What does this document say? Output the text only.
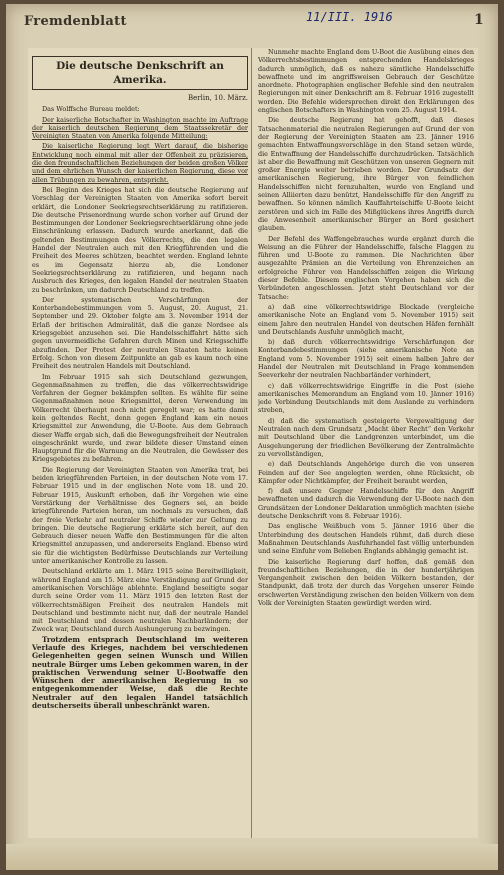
Fremdenblatt	11/III. 1916	1
Die deutsche Denkschrift an Amerika.
Berlin, 10. März.

Das Wolffsche Bureau meldet:

Der kaiserliche Botschafter in Washington machte im Auftrage der kaiserlich deutschen Regierung dem Staatssekretär der Vereinigten Staaten von Amerika folgende Mitteilung:

Die kaiserliche Regierung legt Wert darauf, die bisherige Entwicklung noch einmal mit aller der Offenheit zu präzisieren, die den freundschaftlichen Beziehungen der beiden großen Völker und dem ehrlichen Wunsch der kaiserlichen Regierung, diese vor allen Trübungen zu bewahren, entspricht.

Bei Beginn des Krieges hat sich die deutsche Regierung auf Vorschlag der Vereinigten Staaten von Amerika sofort bereit erklärt, die Londoner Seekriegsrechtserklärung zu ratifizieren. Die deutsche Prisenordnung wurde schon vorher auf Grund der Bestimmungen der Londoner Seekriegsrechtserklärung ohne jede Einschränkung erlassen. Dadurch wurde anerkannt, daß die geltenden Bestimmungen des Völkerrechts, die den legalen Handel der Neutralen auch mit den Kriegführenden und die Freiheit des Meeres schützen, beachtet werden. England lehnte es im Gegensatz hierzu ab, die Londoner Seekriegsrechtserklärung zu ratifizieren, und begann nach Ausbruch des Krieges, den legalen Handel der neutralen Staaten zu beschränken, um dadurch Deutschland zu treffen.

Der systematischen Verschärfungen der Konterbandebestimmungen vom 5. August, 20. August, 21. September und 29. Oktober folgte am 3. November 1914 der Erlaß der britischen Admiralität, daß die ganze Nordsee als Kriegsgebiet anzusehen sei. Die Handelsschiffahrt hätte sich gegen unvermeidliche Gefahren durch Minen und Kriegsschiffe abzufinden. Der Protest der neutralen Staaten hatte keinen Erfolg. Schon von diesem Zeitpunkte an gab es kaum noch eine Freiheit des neutralen Handels mit Deutschland.

Im Februar 1915 sah sich Deutschland gezwungen, Gegenmaßnahmen zu treffen, die das völkerrechtswidrige Verfahren der Gegner bekämpfen sollten. Es wählte für seine Gegenmaßnahmen neue Kriegsmittel, deren Verwendung im Völkerrecht überhaupt noch nicht geregelt war; es hatte damit kein geltendes Recht, denn gegen England kam ein neues Kriegsmittel zur Anwendung, die U-Boote. Aus dem Gebrauch dieser Waffe ergab sich, daß die Bewegungsfreiheit der Neutralen eingeschränkt wurde, und zwar bildete dieser Umstand einen Hauptgrund für die Warnung an die Neutralen, die Gewässer des Kriegsgebietes zu befahren.

Die Regierung der Vereinigten Staaten von Amerika trat, bei beiden kriegführenden Parteien, in der deutschen Note vom 17. Februar 1915 und in der englischen Note vom 18. und 20. Februar 1915, Auskunft erhoben, daß ihr Vorgehen wie eine Verstärkung der Verhältnisse des Gegners sei, an beide kriegführende Parteien heran, um nochmals zu versuchen, daß der freie Verkehr auf neutraler Schiffe wieder zur Geltung zu bringen. Die deutsche Regierung erklärte sich bereit, auf den Gebrauch dieser neuen Waffe den Bestimmungen für die alten Kriegsmittel anzupassen, und andererseits England. Ebenso wird sie für die wichtigsten Bedürfnisse Deutschlands zur Verteilung unter amerikanischer Kontrolle zu lassen.

Deutschland erklärte am 1. März 1915 seine Bereitwilligkeit, während England am 15. März eine Verständigung auf Grund der amerikanischen Vorschläge ablehnte. England beseitigte sogar durch seine Order vom 11. März 1915 den letzten Rest der völkerrechtsmäßigen Freiheit des neutralen Handels mit Deutschland und bestimmte nicht nur, daß der neutrale Handel mit Deutschland und dessen neutralen Nachbarländern; der Zweck war, Deutschland durch Aushungerung zu bezwingen.

Trotzdem entsprach Deutschland im weiteren Verlaufe des Krieges, nachdem bei verschiedenen Gelegenheiten gegen seinen Wunsch und Willen neutrale Bürger ums Leben gekommen waren, in der praktischen Verwendung seiner U-Bootwaffe den Wünschen der amerikanischen Regierung in so entgegenkommender Weise, daß die Rechte Neutraler auf den legalen Handel tatsächlich deutscherseits überall unbeschränkt waren.

Nunmehr machte England dem U-Boot die Ausübung eines den Völkerrechtsbestimmungen entsprechenden Handelskrieges dadurch unmöglich, daß es nahezu sämtliche Handelsschiffe bewaffnete und im angriffsweisen Gebrauch der Geschütze anordnete. Photographien englischer Befehle sind den neutralen Regierungen mit einer Denkschrift am 8. Februar 1916 zugestellt worden. Die Befehle widersprechen direkt den Erklärungen des englischen Botschafters in Washington vom 25. August 1914.

Die deutsche Regierung hat gehofft, daß dieses Tatsachenmaterial die neutralen Regierungen auf Grund der von der Regierung der Vereinigten Staaten am 23. Jänner 1916 gemachten Entwaffnungsvorschläge in den Stand setzen würde, die Entwaffnung der Handelsschiffe durchzudrücken. Tatsächlich ist aber die Bewaffnung mit Geschützen von unseren Gegnern mit großer Energie weiter betrieben worden. Der Grundsatz der amerikanischen Regierung, ihre Bürger von feindlichen Handelsschiffen nicht fernzuhalten, wurde von England und seinen Alliierten dazu benützt, Handelsschiffe für den Angriff zu bewaffnen. So können nämlich Kauffahrteischiffe U-Boote leicht zerstören und sich im Falle des Mißglückens ihres Angriffs durch die Anwesenheit amerikanischer Bürger an Bord gesichert glauben.

Der Befehl des Waffengebrauches wurde ergänzt durch die Weisung an die Führer der Handelsschiffe, falsche Flaggen zu führen und U-Boote zu rammen. Die Nachrichten über ausgezahlte Prämien an die Verteilung von Ehrenzeichen an erfolgreiche Führer von Handelsschiffen zeigen die Wirkung dieser Befehle. Diesem englischen Vorgehen haben sich die Verbündeten angeschlossen. Jetzt steht Deutschland vor der Tatsache:

a) daß eine völkerrechtswidrige Blockade (vergleiche amerikanische Note an England vom 5. November 1915) seit einem Jahre den neutralen Handel von deutschen Häfen fernhält und Deutschlands Ausfuhr unmöglich macht,

b) daß durch völkerrechtswidrige Verschärfungen der Konterbandebestimmungen (siehe amerikanische Note an England vom 5. November 1915) seit einem halben Jahre der Handel der Neutralen mit Deutschland in Frage kommenden Seeverkehr der neutralen Nachbarländer verhindert,

c) daß völkerrechtswidrige Eingriffe in die Post (siehe amerikanisches Memorandum an England vom 10. Jänner 1916) jede Verbindung Deutschlands mit dem Auslande zu verhindern streben,

d) daß die systematisch gesteigerte Vergewaltigung der Neutralen nach dem Grundsatz „Macht über Recht“ den Verkehr mit Deutschland über die Landgrenzen unterbindet, um die Ausgehungerung der friedlichen Bevölkerung der Zentralmächte zu vervollständigen,

e) daß Deutschlands Angehörige durch die von unseren Feinden auf der See angelegten werden, ohne Rücksicht, ob Kämpfer oder Nichtkämpfer, der Freiheit beraubt werden,

f) daß unsere Gegner Handelsschiffe für den Angriff bewaffneten und dadurch die Verwendung der U-Boote nach den Grundsätzen der Londoner Deklaration unmöglich machten (siehe deutsche Denkschrift vom 8. Februar 1916).

Das englische Weißbuch vom 5. Jänner 1916 über die Unterbindung des deutschen Handels rühmt, daß durch diese Maßnahmen Deutschlands Ausfuhrhandel fast völlig unterbunden und seine Einfuhr vom Belieben Englands abhängig gemacht ist.

Die kaiserliche Regierung darf hoffen, daß gemäß den freundschaftlichen Beziehungen, die in der hundertjährigen Vergangenheit zwischen den beiden Völkern bestanden, der Standpunkt, daß trotz der durch das Vorgehen unserer Feinde erschwerten Verständigung zwischen den beiden Völkern von dem Volk der Vereinigten Staaten gewürdigt werden wird.
